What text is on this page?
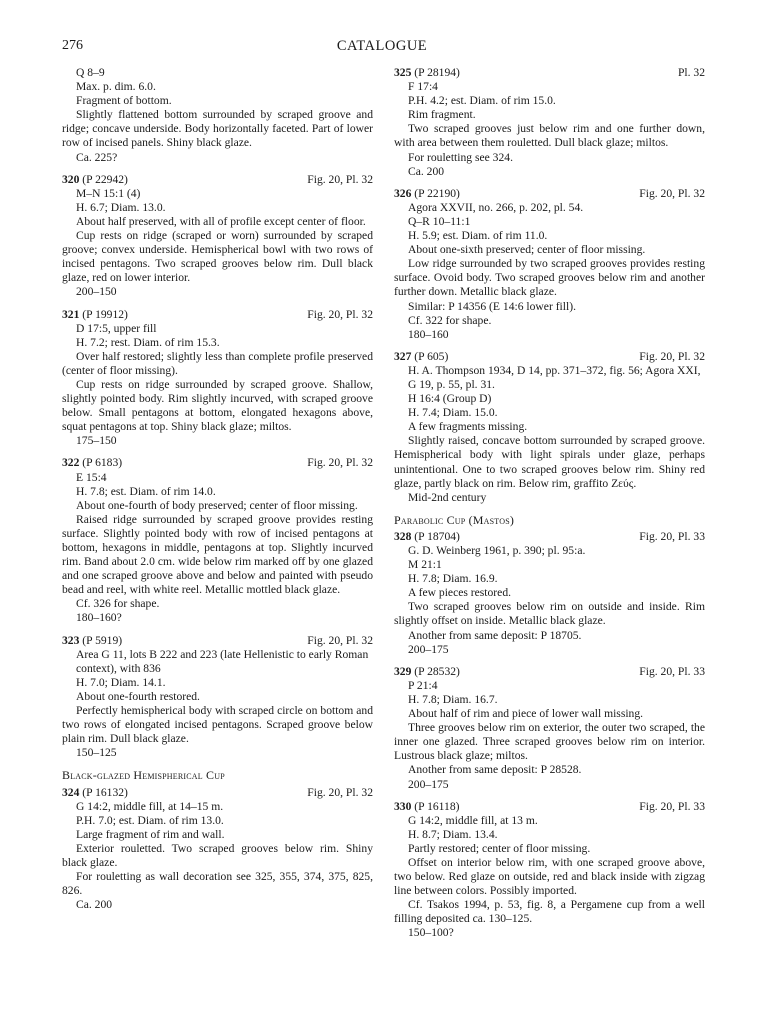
276	CATALOGUE
Q 8–9
Max. p. dim. 6.0.
Fragment of bottom.
Slightly flattened bottom surrounded by scraped groove and ridge; concave underside. Body horizontally faceted. Part of lower row of incised panels. Shiny black glaze.
Ca. 225?
320 (P 22942)	Fig. 20, Pl. 32
M–N 15:1 (4)
H. 6.7; Diam. 13.0.
About half preserved, with all of profile except center of floor.
Cup rests on ridge (scraped or worn) surrounded by scraped groove; convex underside. Hemispherical bowl with two rows of incised pentagons. Two scraped grooves below rim. Dull black glaze, red on lower interior.
200–150
321 (P 19912)	Fig. 20, Pl. 32
D 17:5, upper fill
H. 7.2; rest. Diam. of rim 15.3.
Over half restored; slightly less than complete profile preserved (center of floor missing).
Cup rests on ridge surrounded by scraped groove. Shallow, slightly pointed body. Rim slightly incurved, with scraped groove below. Small pentagons at bottom, elongated hexagons above, squat pentagons at top. Shiny black glaze; miltos.
175–150
322 (P 6183)	Fig. 20, Pl. 32
E 15:4
H. 7.8; est. Diam. of rim 14.0.
About one-fourth of body preserved; center of floor missing.
Raised ridge surrounded by scraped groove provides resting surface. Slightly pointed body with row of incised pentagons at bottom, hexagons in middle, pentagons at top. Slightly incurved rim. Band about 2.0 cm. wide below rim marked off by one glazed and one scraped groove above and below and painted with pseudo bead and reel, with white reel. Metallic mottled black glaze.
Cf. 326 for shape.
180–160?
323 (P 5919)	Fig. 20, Pl. 32
Area G 11, lots B 222 and 223 (late Hellenistic to early Roman context), with 836
H. 7.0; Diam. 14.1.
About one-fourth restored.
Perfectly hemispherical body with scraped circle on bottom and two rows of elongated incised pentagons. Scraped groove below plain rim. Dull black glaze.
150–125
Black-glazed Hemispherical Cup
324 (P 16132)	Fig. 20, Pl. 32
G 14:2, middle fill, at 14–15 m.
P.H. 7.0; est. Diam. of rim 13.0.
Large fragment of rim and wall.
Exterior rouletted. Two scraped grooves below rim. Shiny black glaze.
For rouletting as wall decoration see 325, 355, 374, 375, 825, 826.
Ca. 200
325 (P 28194)	Pl. 32
F 17:4
P.H. 4.2; est. Diam. of rim 15.0.
Rim fragment.
Two scraped grooves just below rim and one further down, with area between them rouletted. Dull black glaze; miltos.
For rouletting see 324.
Ca. 200
326 (P 22190)	Fig. 20, Pl. 32
Agora XXVII, no. 266, p. 202, pl. 54.
Q–R 10–11:1
H. 5.9; est. Diam. of rim 11.0.
About one-sixth preserved; center of floor missing.
Low ridge surrounded by two scraped grooves provides resting surface. Ovoid body. Two scraped grooves below rim and another further down. Metallic black glaze.
Similar: P 14356 (E 14:6 lower fill).
Cf. 322 for shape.
180–160
327 (P 605)	Fig. 20, Pl. 32
H. A. Thompson 1934, D 14, pp. 371–372, fig. 56; Agora XXI, G 19, p. 55, pl. 31.
H 16:4 (Group D)
H. 7.4; Diam. 15.0.
A few fragments missing.
Slightly raised, concave bottom surrounded by scraped groove. Hemispherical body with light spirals under glaze, perhaps unintentional. One to two scraped grooves below rim. Shiny red glaze, partly black on rim. Below rim, graffito Ζεύς.
Mid-2nd century
Parabolic Cup (Mastos)
328 (P 18704)	Fig. 20, Pl. 33
G. D. Weinberg 1961, p. 390; pl. 95:a.
M 21:1
H. 7.8; Diam. 16.9.
A few pieces restored.
Two scraped grooves below rim on outside and inside. Rim slightly offset on inside. Metallic black glaze.
Another from same deposit: P 18705.
200–175
329 (P 28532)	Fig. 20, Pl. 33
P 21:4
H. 7.8; Diam. 16.7.
About half of rim and piece of lower wall missing.
Three grooves below rim on exterior, the outer two scraped, the inner one glazed. Three scraped grooves below rim on interior. Lustrous black glaze; miltos.
Another from same deposit: P 28528.
200–175
330 (P 16118)	Fig. 20, Pl. 33
G 14:2, middle fill, at 13 m.
H. 8.7; Diam. 13.4.
Partly restored; center of floor missing.
Offset on interior below rim, with one scraped groove above, two below. Red glaze on outside, red and black inside with zigzag line between colors. Possibly imported.
Cf. Tsakos 1994, p. 53, fig. 8, a Pergamene cup from a well filling deposited ca. 130–125.
150–100?
